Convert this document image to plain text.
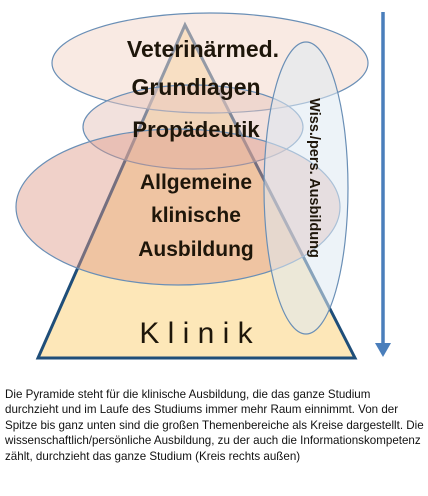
Veterinärmed.
Grundlagen
Propädeutik
Allgemeine
klinische
Ausbildung
K l i n i k
Wiss./pers. Ausbildung

Die Pyramide steht für die klinische Ausbildung, die das ganze Studium durchzieht und im Laufe des Studiums immer mehr Raum einnimmt. Von der Spitze bis ganz unten sind die großen Themenbereiche als Kreise dargestellt. Die wissenschaftlich/persönliche Ausbildung, zu der auch die Informationskompetenz zählt, durchzieht das ganze Studium (Kreis rechts außen)
